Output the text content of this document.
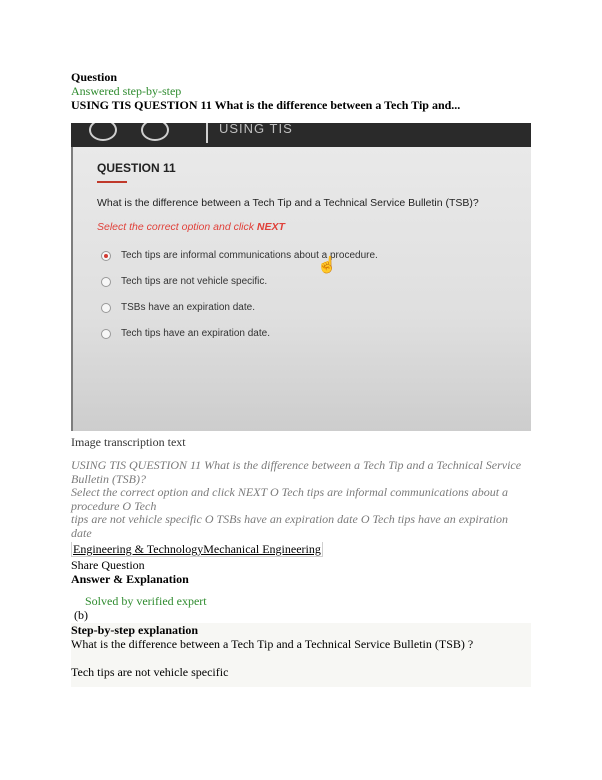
Question
Answered step-by-step
USING TIS QUESTION 11 What is the difference between a Tech Tip and...
USING TIS
QUESTION 11
What is the difference between a Tech Tip and a Technical Service Bulletin (TSB)?
Select the correct option and click NEXT
Tech tips are informal communications about a procedure.
Tech tips are not vehicle specific.
TSBs have an expiration date.
Tech tips have an expiration date.
☝
Image transcription text
USING TIS QUESTION 11 What is the difference between a Tech Tip and a Technical Service
Bulletin (TSB)?
Select the correct option and click NEXT O Tech tips are informal communications about a
procedure O Tech
tips are not vehicle specific O TSBs have an expiration date O Tech tips have an expiration date
Engineering & TechnologyMechanical Engineering
Share Question
Answer & Explanation
Solved by verified expert
(b)
Step-by-step explanation
What is the difference between a Tech Tip and a Technical Service Bulletin (TSB) ?
Tech tips are not vehicle specific
